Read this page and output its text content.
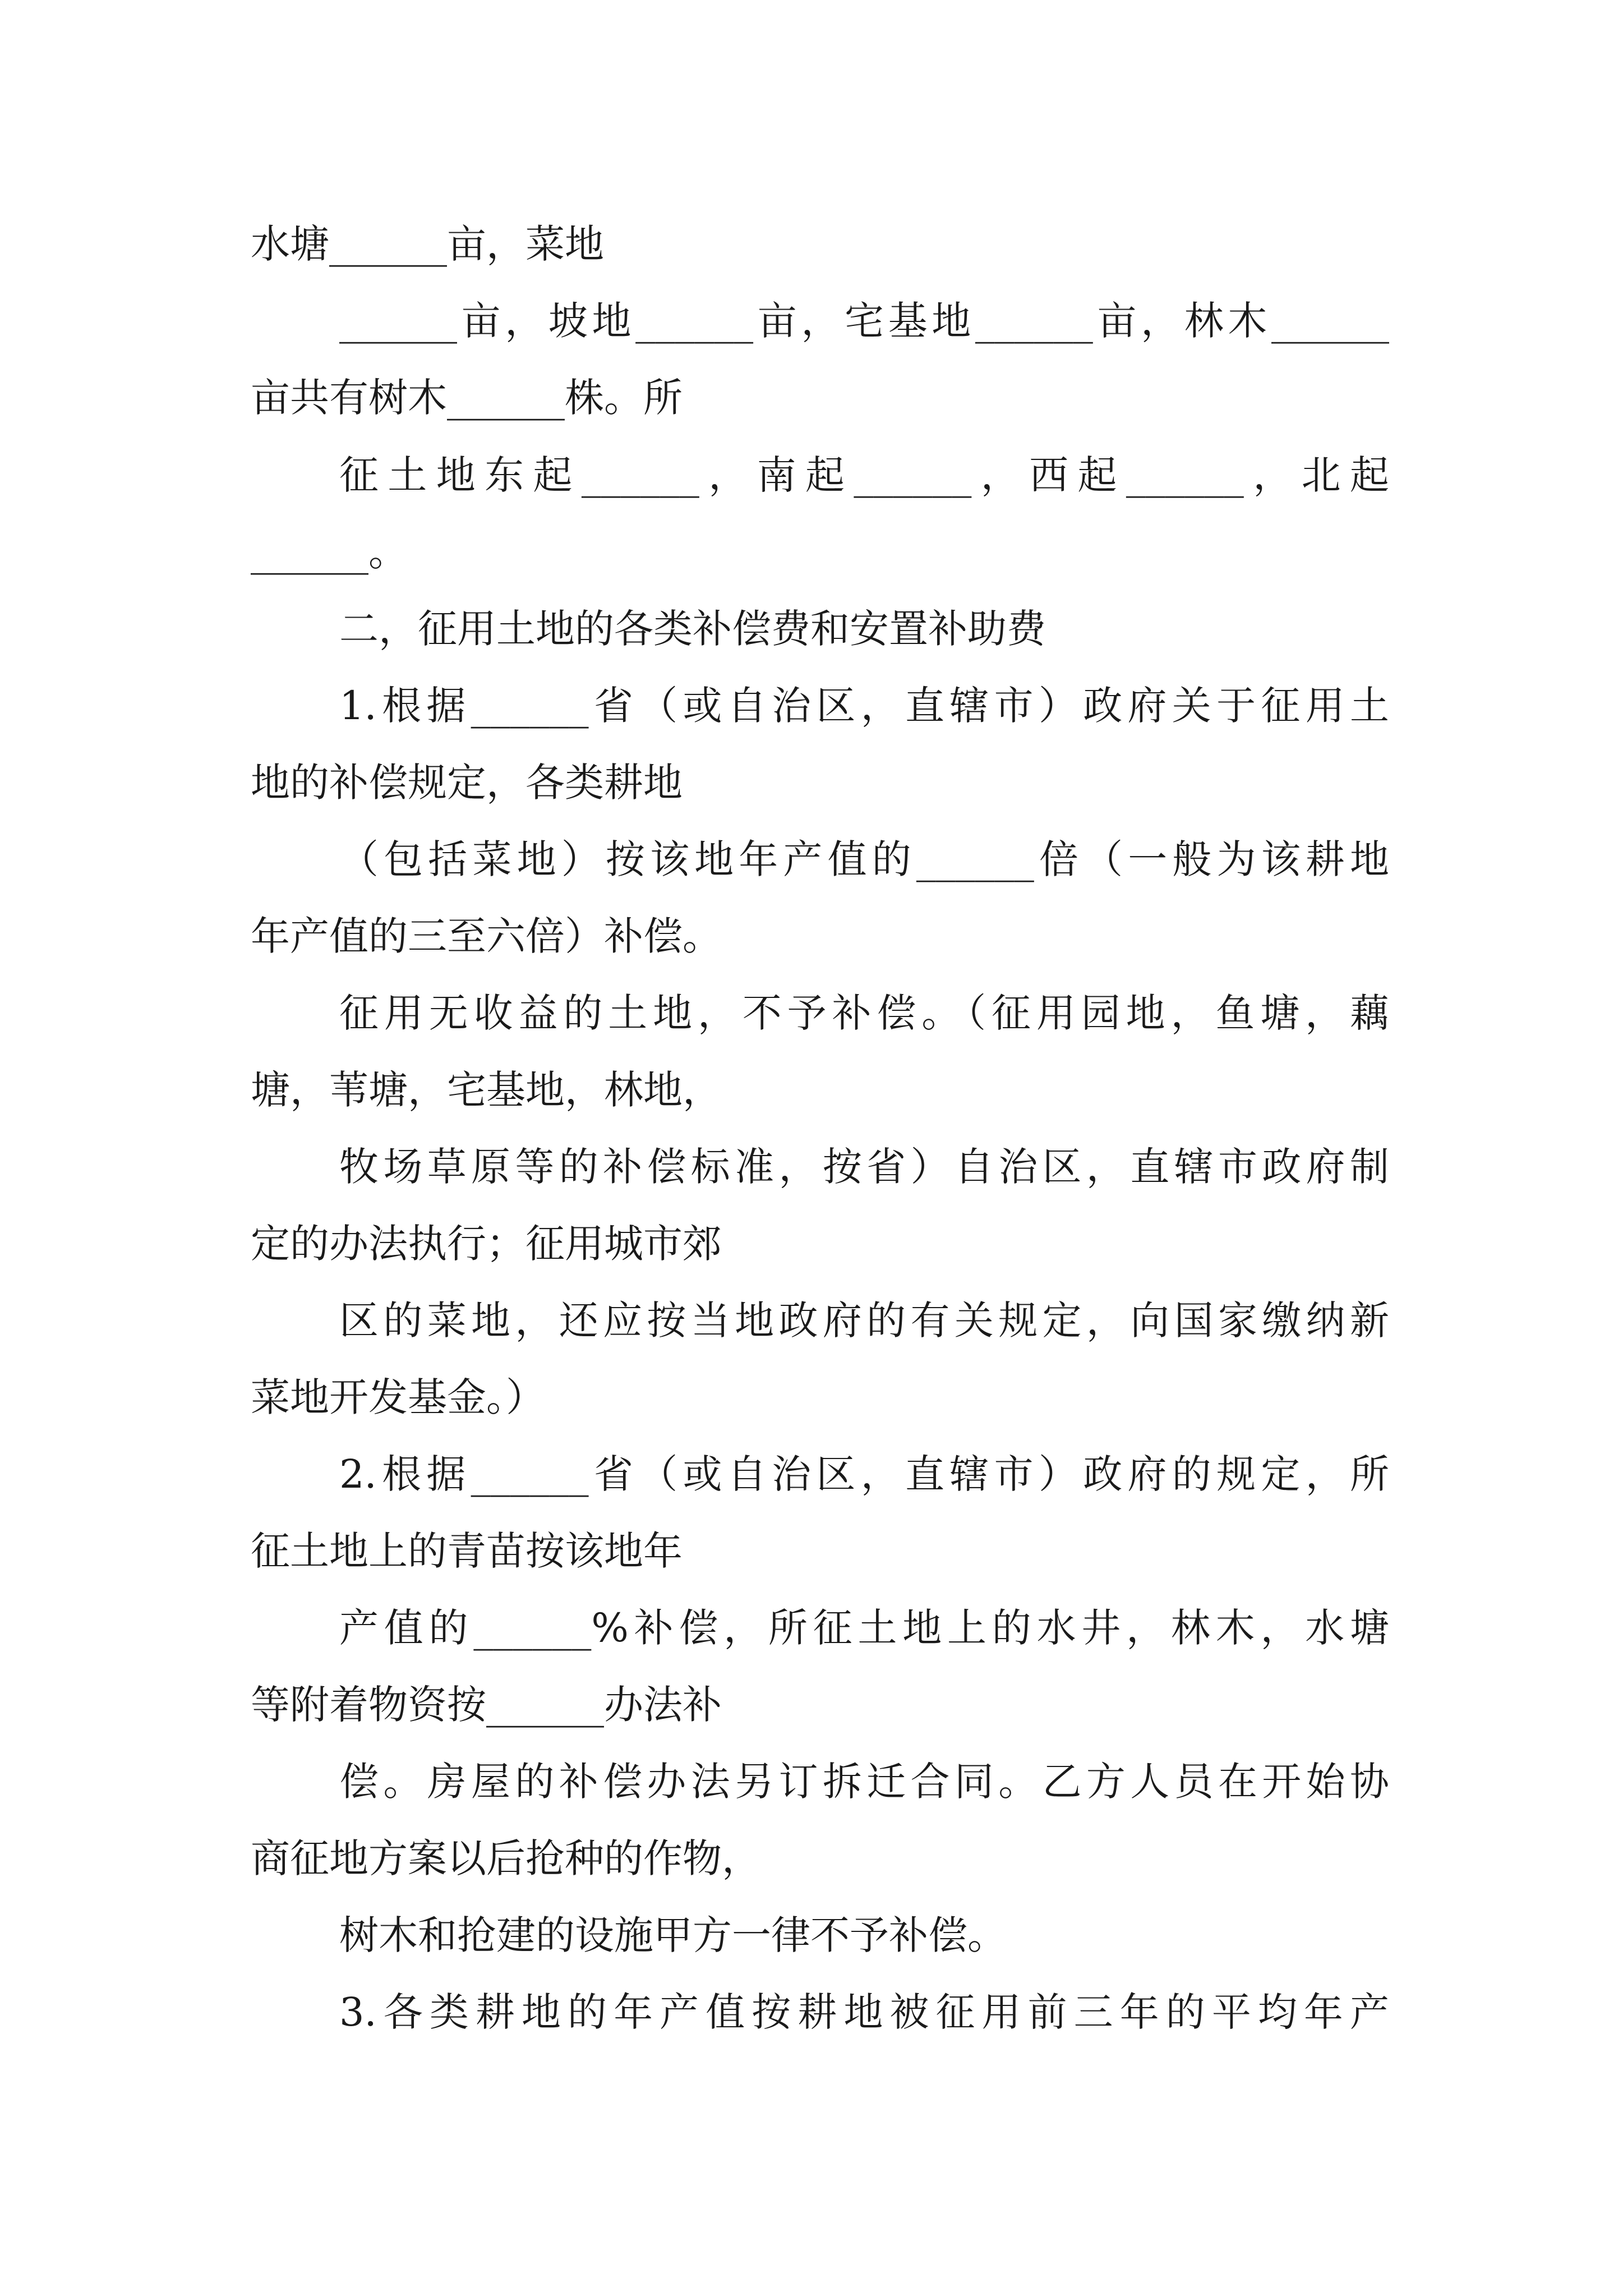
水塘______亩，菜地
______亩，坡地______亩，宅基地______亩，林木______
亩共有树木______株。所
征土地东起______，南起______，西起______，北起
______。
二，征用土地的各类补偿费和安置补助费
1.根据______省（或自治区，直辖市）政府关于征用土
地的补偿规定，各类耕地
（包括菜地）按该地年产值的______倍（一般为该耕地
年产值的三至六倍）补偿。
征用无收益的土地，不予补偿。（征用园地，鱼塘，藕
塘，苇塘，宅基地，林地，
牧场草原等的补偿标准，按省）自治区，直辖市政府制
定的办法执行；征用城市郊
区的菜地，还应按当地政府的有关规定，向国家缴纳新
菜地开发基金。）
2.根据______省（或自治区，直辖市）政府的规定，所
征土地上的青苗按该地年
产值的______%补偿，所征土地上的水井，林木，水塘
等附着物资按______办法补
偿。房屋的补偿办法另订拆迁合同。乙方人员在开始协
商征地方案以后抢种的作物，
树木和抢建的设施甲方一律不予补偿。
3.各类耕地的年产值按耕地被征用前三年的平均年产
